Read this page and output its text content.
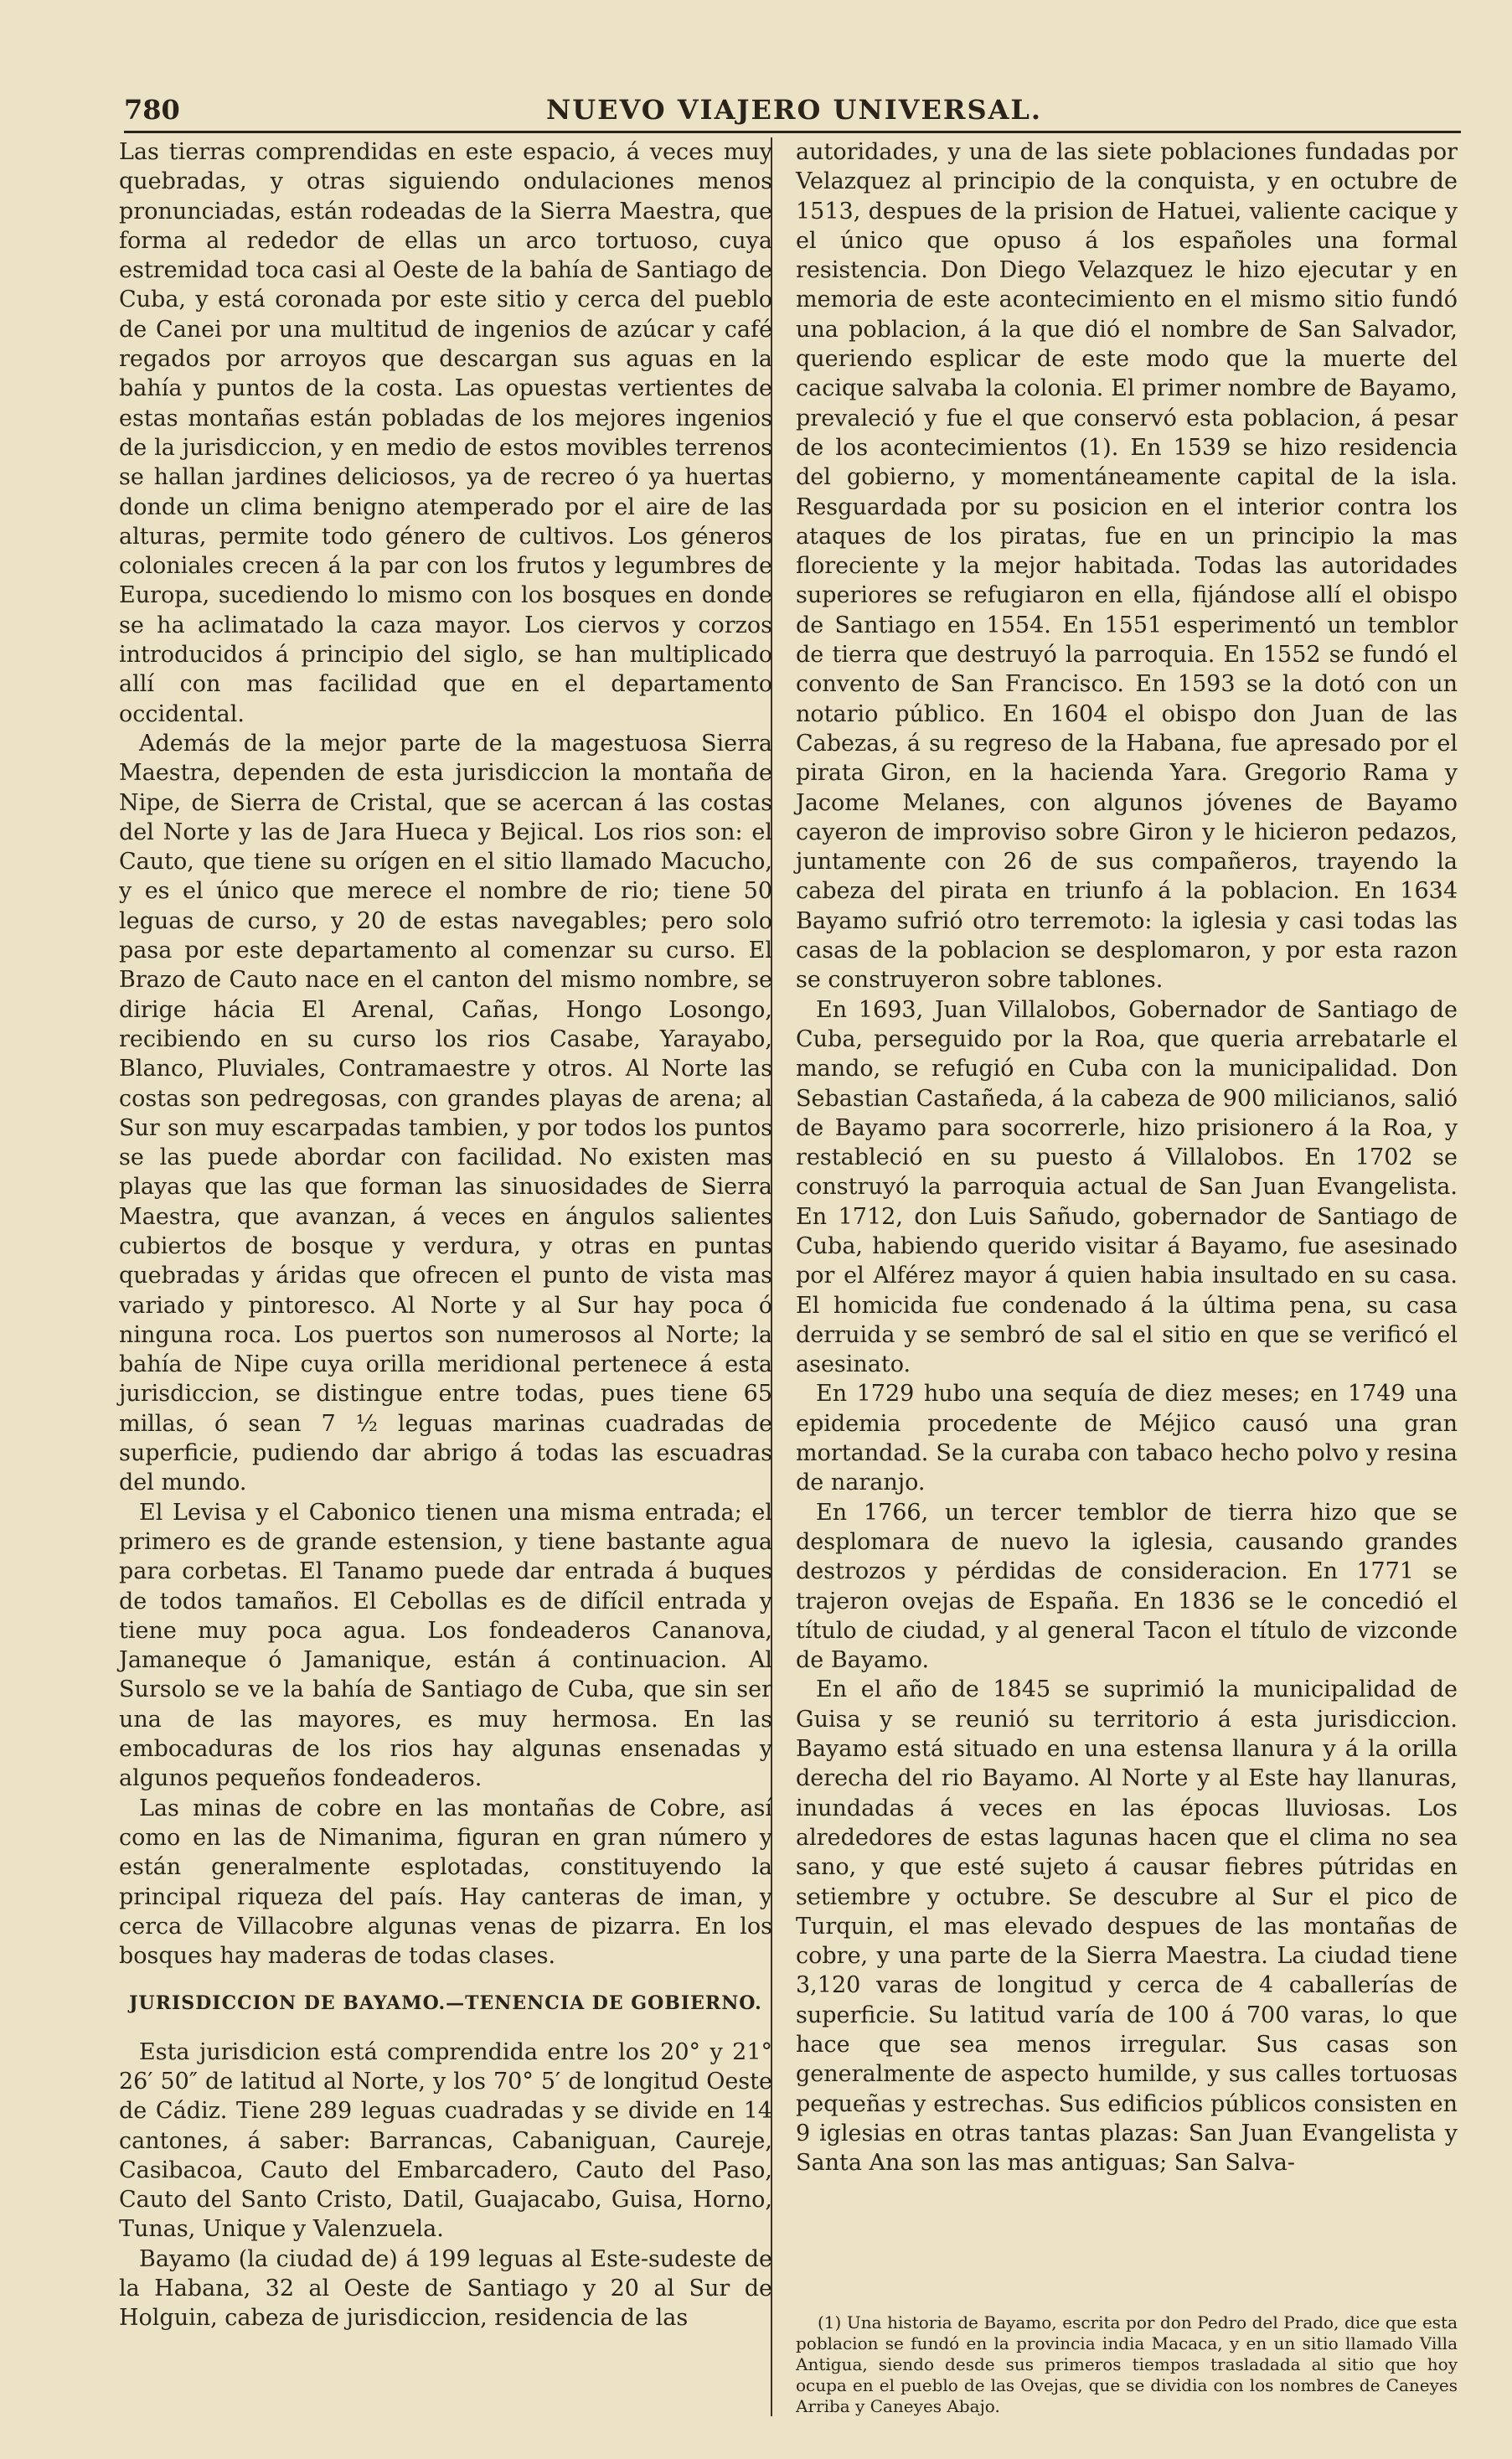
780	NUEVO VIAJERO UNIVERSAL.

Las tierras comprendidas en este espacio, á veces muy quebradas, y otras siguiendo ondulaciones menos pronunciadas, están rodeadas de la Sierra Maestra, que forma al rededor de ellas un arco tortuoso, cuya estremidad toca casi al Oeste de la bahía de Santiago de Cuba, y está coronada por este sitio y cerca del pueblo de Canei por una multitud de ingenios de azúcar y café regados por arroyos que descargan sus aguas en la bahía y puntos de la costa. Las opuestas vertientes de estas montañas están pobladas de los mejores ingenios de la jurisdiccion, y en medio de estos movibles terrenos se hallan jardines deliciosos, ya de recreo ó ya huertas donde un clima benigno atemperado por el aire de las alturas, permite todo género de cultivos. Los géneros coloniales crecen á la par con los frutos y legumbres de Europa, sucediendo lo mismo con los bosques en donde se ha aclimatado la caza mayor. Los ciervos y corzos introducidos á principio del siglo, se han multiplicado allí con mas facilidad que en el departamento occidental.

Además de la mejor parte de la magestuosa Sierra Maestra, dependen de esta jurisdiccion la montaña de Nipe, de Sierra de Cristal, que se acercan á las costas del Norte y las de Jara Hueca y Bejical. Los rios son: el Cauto, que tiene su orígen en el sitio llamado Macucho, y es el único que merece el nombre de rio; tiene 50 leguas de curso, y 20 de estas navegables; pero solo pasa por este departamento al comenzar su curso. El Brazo de Cauto nace en el canton del mismo nombre, se dirige hácia El Arenal, Cañas, Hongo Losongo, recibiendo en su curso los rios Casabe, Yarayabo, Blanco, Pluviales, Contramaestre y otros. Al Norte las costas son pedregosas, con grandes playas de arena; al Sur son muy escarpadas tambien, y por todos los puntos se las puede abordar con facilidad. No existen mas playas que las que forman las sinuosidades de Sierra Maestra, que avanzan, á veces en ángulos salientes cubiertos de bosque y verdura, y otras en puntas quebradas y áridas que ofrecen el punto de vista mas variado y pintoresco. Al Norte y al Sur hay poca ó ninguna roca. Los puertos son numerosos al Norte; la bahía de Nipe cuya orilla meridional pertenece á esta jurisdiccion, se distingue entre todas, pues tiene 65 millas, ó sean 7 ½ leguas marinas cuadradas de superficie, pudiendo dar abrigo á todas las escuadras del mundo.

El Levisa y el Cabonico tienen una misma entrada; el primero es de grande estension, y tiene bastante agua para corbetas. El Tanamo puede dar entrada á buques de todos tamaños. El Cebollas es de difícil entrada y tiene muy poca agua. Los fondeaderos Cananova, Jamaneque ó Jamanique, están á continuacion. Al Sursolo se ve la bahía de Santiago de Cuba, que sin ser una de las mayores, es muy hermosa. En las embocaduras de los rios hay algunas ensenadas y algunos pequeños fondeaderos.

Las minas de cobre en las montañas de Cobre, así como en las de Nimanima, figuran en gran número y están generalmente esplotadas, constituyendo la principal riqueza del país. Hay canteras de iman, y cerca de Villacobre algunas venas de pizarra. En los bosques hay maderas de todas clases.

JURISDICCION DE BAYAMO.—TENENCIA DE GOBIERNO.

Esta jurisdicion está comprendida entre los 20° y 21° 26′ 50″ de latitud al Norte, y los 70° 5′ de longitud Oeste de Cádiz. Tiene 289 leguas cuadradas y se divide en 14 cantones, á saber: Barrancas, Cabaniguan, Caureje, Casibacoa, Cauto del Embarcadero, Cauto del Paso, Cauto del Santo Cristo, Datil, Guajacabo, Guisa, Horno, Tunas, Unique y Valenzuela.

Bayamo (la ciudad de) á 199 leguas al Este-sudeste de la Habana, 32 al Oeste de Santiago y 20 al Sur de Holguin, cabeza de jurisdiccion, residencia de las

autoridades, y una de las siete poblaciones fundadas por Velazquez al principio de la conquista, y en octubre de 1513, despues de la prision de Hatuei, valiente cacique y el único que opuso á los españoles una formal resistencia. Don Diego Velazquez le hizo ejecutar y en memoria de este acontecimiento en el mismo sitio fundó una poblacion, á la que dió el nombre de San Salvador, queriendo esplicar de este modo que la muerte del cacique salvaba la colonia. El primer nombre de Bayamo, prevaleció y fue el que conservó esta poblacion, á pesar de los acontecimientos (1). En 1539 se hizo residencia del gobierno, y momentáneamente capital de la isla. Resguardada por su posicion en el interior contra los ataques de los piratas, fue en un principio la mas floreciente y la mejor habitada. Todas las autoridades superiores se refugiaron en ella, fijándose allí el obispo de Santiago en 1554. En 1551 esperimentó un temblor de tierra que destruyó la parroquia. En 1552 se fundó el convento de San Francisco. En 1593 se la dotó con un notario público. En 1604 el obispo don Juan de las Cabezas, á su regreso de la Habana, fue apresado por el pirata Giron, en la hacienda Yara. Gregorio Rama y Jacome Melanes, con algunos jóvenes de Bayamo cayeron de improviso sobre Giron y le hicieron pedazos, juntamente con 26 de sus compañeros, trayendo la cabeza del pirata en triunfo á la poblacion. En 1634 Bayamo sufrió otro terremoto: la iglesia y casi todas las casas de la poblacion se desplomaron, y por esta razon se construyeron sobre tablones.

En 1693, Juan Villalobos, Gobernador de Santiago de Cuba, perseguido por la Roa, que queria arrebatarle el mando, se refugió en Cuba con la municipalidad. Don Sebastian Castañeda, á la cabeza de 900 milicianos, salió de Bayamo para socorrerle, hizo prisionero á la Roa, y restableció en su puesto á Villalobos. En 1702 se construyó la parroquia actual de San Juan Evangelista. En 1712, don Luis Sañudo, gobernador de Santiago de Cuba, habiendo querido visitar á Bayamo, fue asesinado por el Alférez mayor á quien habia insultado en su casa. El homicida fue condenado á la última pena, su casa derruida y se sembró de sal el sitio en que se verificó el asesinato.

En 1729 hubo una sequía de diez meses; en 1749 una epidemia procedente de Méjico causó una gran mortandad. Se la curaba con tabaco hecho polvo y resina de naranjo.

En 1766, un tercer temblor de tierra hizo que se desplomara de nuevo la iglesia, causando grandes destrozos y pérdidas de consideracion. En 1771 se trajeron ovejas de España. En 1836 se le concedió el título de ciudad, y al general Tacon el título de vizconde de Bayamo.

En el año de 1845 se suprimió la municipalidad de Guisa y se reunió su territorio á esta jurisdiccion. Bayamo está situado en una estensa llanura y á la orilla derecha del rio Bayamo. Al Norte y al Este hay llanuras, inundadas á veces en las épocas lluviosas. Los alrededores de estas lagunas hacen que el clima no sea sano, y que esté sujeto á causar fiebres pútridas en setiembre y octubre. Se descubre al Sur el pico de Turquin, el mas elevado despues de las montañas de cobre, y una parte de la Sierra Maestra. La ciudad tiene 3,120 varas de longitud y cerca de 4 caballerías de superficie. Su latitud varía de 100 á 700 varas, lo que hace que sea menos irregular. Sus casas son generalmente de aspecto humilde, y sus calles tortuosas pequeñas y estrechas. Sus edificios públicos consisten en 9 iglesias en otras tantas plazas: San Juan Evangelista y Santa Ana son las mas antiguas; San Salva-

(1) Una historia de Bayamo, escrita por don Pedro del Prado, dice que esta poblacion se fundó en la provincia india Macaca, y en un sitio llamado Villa Antigua, siendo desde sus primeros tiempos trasladada al sitio que hoy ocupa en el pueblo de las Ovejas, que se dividia con los nombres de Caneyes Arriba y Caneyes Abajo.
